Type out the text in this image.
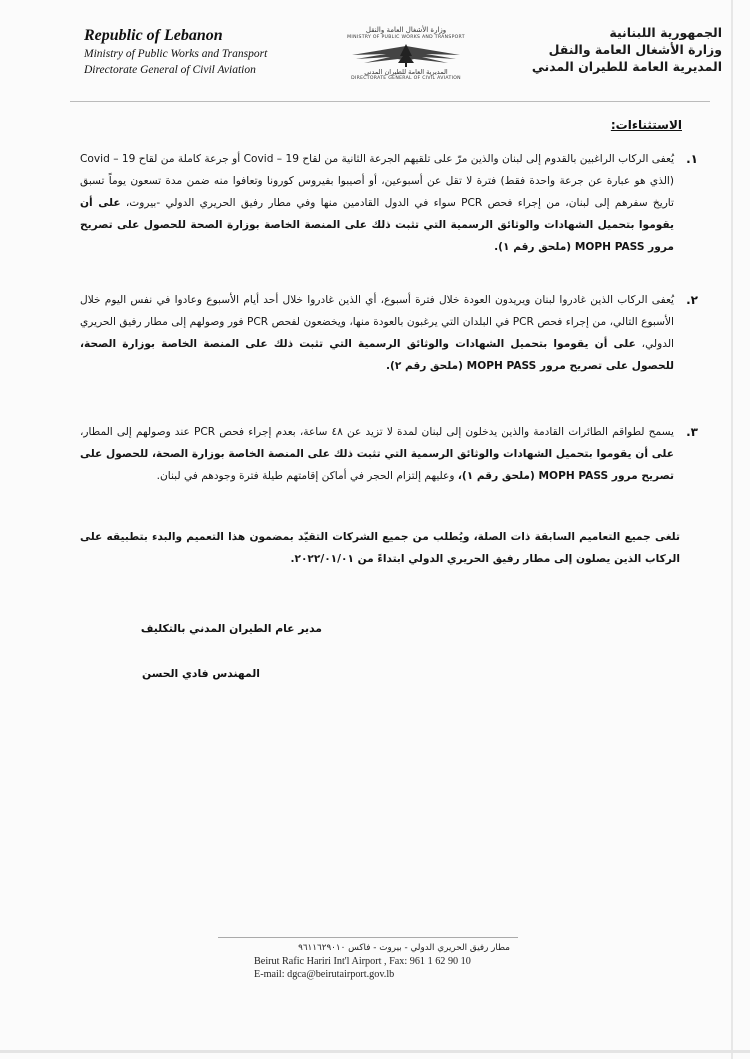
Republic of Lebanon
Ministry of Public Works and Transport
Directorate General of Civil Aviation
وزارة الأشغال العامة والنقل
MINISTRY OF PUBLIC WORKS AND TRANSPORT
المديرية العامة للطيران المدني
DIRECTORATE GENERAL OF CIVIL AVIATION
الجمهورية اللبنانية
وزارة الأشغال العامة والنقل
المديرية العامة للطيران المدني
الاستثناءات:
.١
يُعفى الركاب الراغبين بالقدوم إلى لبنان والذين مرّ على تلقيهم الجرعة الثانية من لقاح Covid – 19 أو جرعة كاملة من لقاح Covid – 19 (الذي هو عبارة عن جرعة واحدة فقط) فترة لا تقل عن أسبوعين، أو أصيبوا بفيروس كورونا وتعافوا منه ضمن مدة تسعون يوماً تسبق تاريخ سفرهم إلى لبنان، من إجراء فحص PCR سواء في الدول القادمين منها وفي مطار رفيق الحريري الدولي -بيروت، على أن يقوموا بتحميل الشهادات والوثائق الرسمية التي تثبت ذلك على المنصة الخاصة بوزارة الصحة للحصول على تصريح مرور MOPH PASS (ملحق رقم ١).
.٢
يُعفى الركاب الذين غادروا لبنان ويريدون العودة خلال فترة أسبوع، أي الذين غادروا خلال أحد أيام الأسبوع وعادوا في نفس اليوم خلال الأسبوع التالي، من إجراء فحص PCR في البلدان التي يرغبون بالعودة منها، ويخضعون لفحص PCR فور وصولهم إلى مطار رفيق الحريري الدولي، على أن يقوموا بتحميل الشهادات والوثائق الرسمية التي تثبت ذلك على المنصة الخاصة بوزارة الصحة، للحصول على تصريح مرور MOPH PASS (ملحق رقم ٢).
.٣
يسمح لطواقم الطائرات القادمة والذين يدخلون إلى لبنان لمدة لا تزيد عن ٤٨ ساعة، بعدم إجراء فحص PCR عند وصولهم إلى المطار، على أن يقوموا بتحميل الشهادات والوثائق الرسمية التي تثبت ذلك على المنصة الخاصة بوزارة الصحة، للحصول على تصريح مرور MOPH PASS (ملحق رقم ١)، وعليهم إلتزام الحجر في أماكن إقامتهم طيلة فترة وجودهم في لبنان.
تلغى جميع التعاميم السابقة ذات الصلة، ويُطلب من جميع الشركات التقيّد بمضمون هذا التعميم والبدء بتطبيقه على الركاب الذين يصلون إلى مطار رفيق الحريري الدولي ابتداءً من ٢٠٢٢/٠١/٠١.
مدير عام الطيران المدني بالتكليف
المهندس فادي الحسن
مطار رفيق الحريري الدولي - بيروت - فاكس ٩٦١١٦٢٩٠١٠
Beirut Rafic Hariri Int'l Airport , Fax: 961 1 62 90 10
E-mail: dgca@beirutairport.gov.lb
